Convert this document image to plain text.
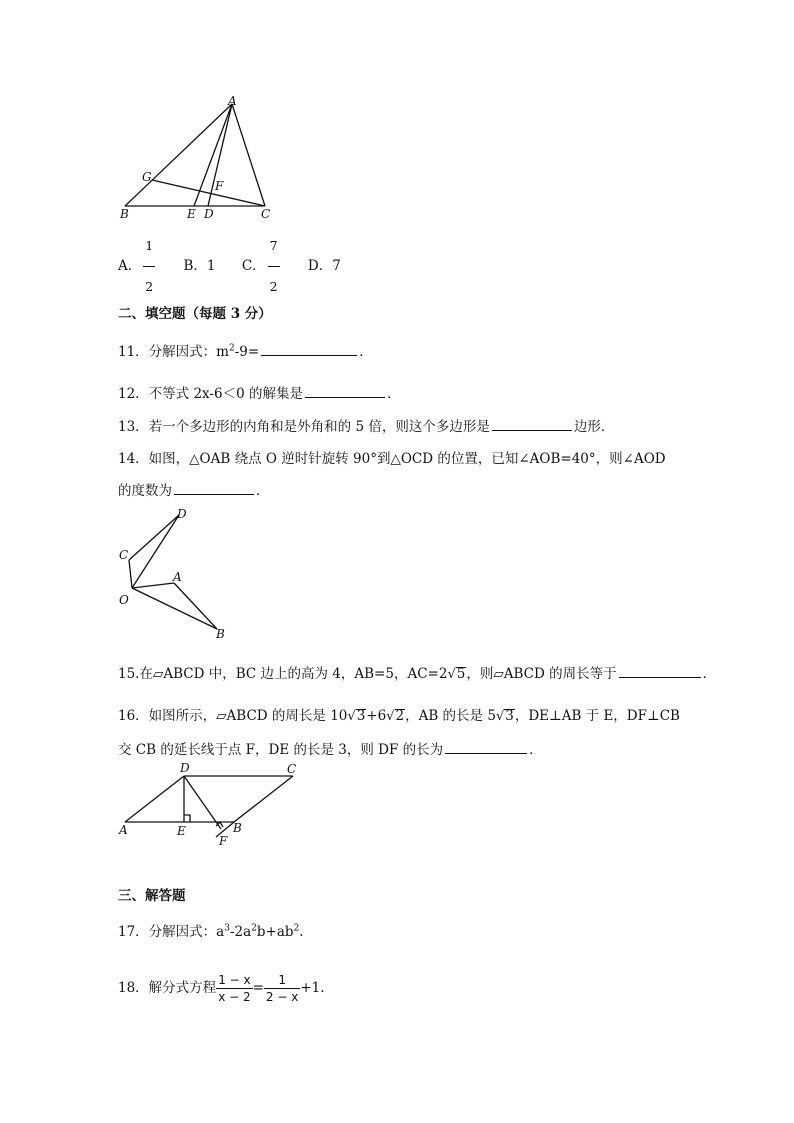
A
G
F
B	E D	C
A． $\frac{1}{2}$ B．1 C． $\frac{7}{2}$ D．7
二、填空题（每题 3 分）
11．分解因式：$m^2-9=$	．
12．不等式 2x-6＜0 的解集是	．
13．若一个多边形的内角和是外角和的 5 倍，则这个多边形是	边形．
14．如图，△OAB 绕点 O 逆时针旋转 90°到△OCD 的位置，已知∠AOB=40°，则∠AOD
的度数为	．
D
C
A
O
B
15.在▱ABCD 中，BC 边上的高为 4，AB=5，AC=2√5，则▱ABCD 的周长等于	．
16．如图所示，▱ABCD 的周长是 10√3+6√2，AB 的长是 5√3，DE⊥AB 于 E，DF⊥CB
交 CB 的延长线于点 F，DE 的长是 3，则 DF 的长为	．
D	C
A	E	B
F
三、解答题
17．分解因式：$a^3-2a^2b+ab^2$.
18．解分式方程 $\frac{1 - x}{x - 2} = \frac{1}{2 - x} +1$.
